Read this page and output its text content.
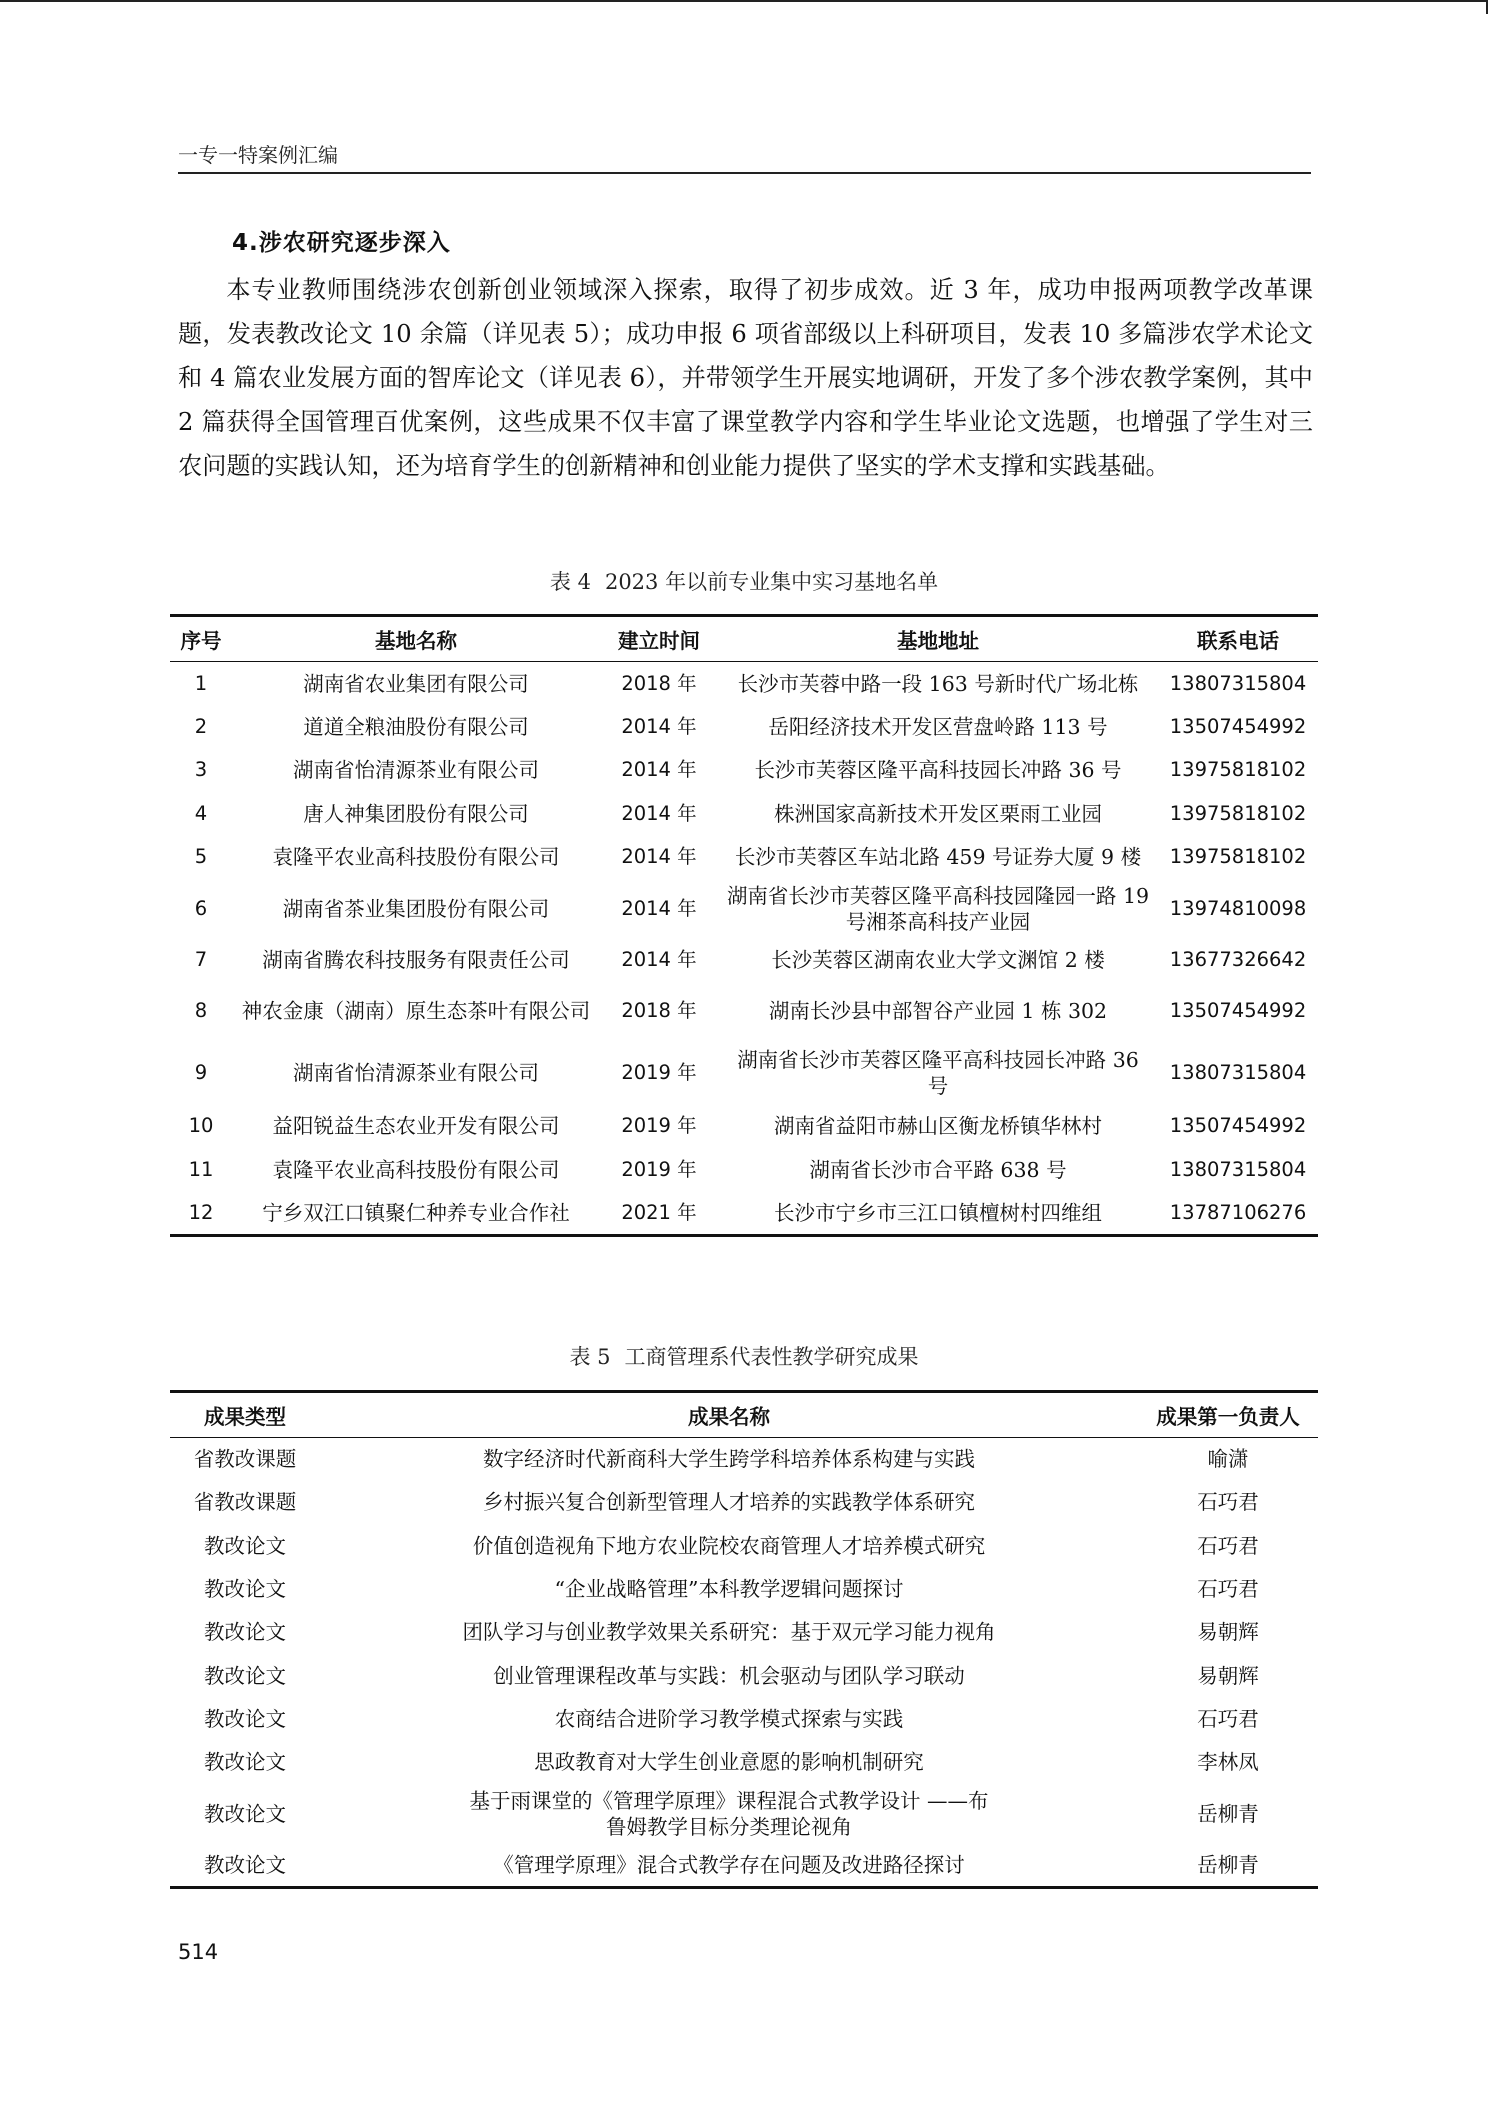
一专一特案例汇编
4.涉农研究逐步深入

本专业教师围绕涉农创新创业领域深入探索，取得了初步成效。近 3 年，成功申报两项教学改革课题，发表教改论文 10 余篇（详见表 5）；成功申报 6 项省部级以上科研项目，发表 10 多篇涉农学术论文和 4 篇农业发展方面的智库论文（详见表 6），并带领学生开展实地调研，开发了多个涉农教学案例，其中 2 篇获得全国管理百优案例，这些成果不仅丰富了课堂教学内容和学生毕业论文选题，也增强了学生对三农问题的实践认知，还为培育学生的创新精神和创业能力提供了坚实的学术支撑和实践基础。

表 4 2023 年以前专业集中实习基地名单
序号	基地名称	建立时间	基地地址	联系电话
1	湖南省农业集团有限公司	2018 年	长沙市芙蓉中路一段 163 号新时代广场北栋	13807315804
2	道道全粮油股份有限公司	2014 年	岳阳经济技术开发区营盘岭路 113 号	13507454992
3	湖南省怡清源茶业有限公司	2014 年	长沙市芙蓉区隆平高科技园长冲路 36 号	13975818102
4	唐人神集团股份有限公司	2014 年	株洲国家高新技术开发区栗雨工业园	13975818102
5	袁隆平农业高科技股份有限公司	2014 年	长沙市芙蓉区车站北路 459 号证券大厦 9 楼	13975818102
6	湖南省茶业集团股份有限公司	2014 年	湖南省长沙市芙蓉区隆平高科技园隆园一路 19 号湘茶高科技产业园	13974810098
7	湖南省腾农科技服务有限责任公司	2014 年	长沙芙蓉区湖南农业大学文渊馆 2 楼	13677326642
8	神农金康（湖南）原生态茶叶有限公司	2018 年	湖南长沙县中部智谷产业园 1 栋 302	13507454992
9	湖南省怡清源茶业有限公司	2019 年	湖南省长沙市芙蓉区隆平高科技园长冲路 36 号	13807315804
10	益阳锐益生态农业开发有限公司	2019 年	湖南省益阳市赫山区衡龙桥镇华林村	13507454992
11	袁隆平农业高科技股份有限公司	2019 年	湖南省长沙市合平路 638 号	13807315804
12	宁乡双江口镇聚仁种养专业合作社	2021 年	长沙市宁乡市三江口镇檀树村四维组	13787106276
表 5 工商管理系代表性教学研究成果
成果类型	成果名称	成果第一负责人
省教改课题	数字经济时代新商科大学生跨学科培养体系构建与实践	喻潇
省教改课题	乡村振兴复合创新型管理人才培养的实践教学体系研究	石巧君
教改论文	价值创造视角下地方农业院校农商管理人才培养模式研究	石巧君
教改论文	“企业战略管理”本科教学逻辑问题探讨	石巧君
教改论文	团队学习与创业教学效果关系研究：基于双元学习能力视角	易朝辉
教改论文	创业管理课程改革与实践：机会驱动与团队学习联动	易朝辉
教改论文	农商结合进阶学习教学模式探索与实践	石巧君
教改论文	思政教育对大学生创业意愿的影响机制研究	李林凤
教改论文	基于雨课堂的《管理学原理》课程混合式教学设计 ——布鲁姆教学目标分类理论视角	岳柳青
教改论文	《管理学原理》混合式教学存在问题及改进路径探讨	岳柳青
514
